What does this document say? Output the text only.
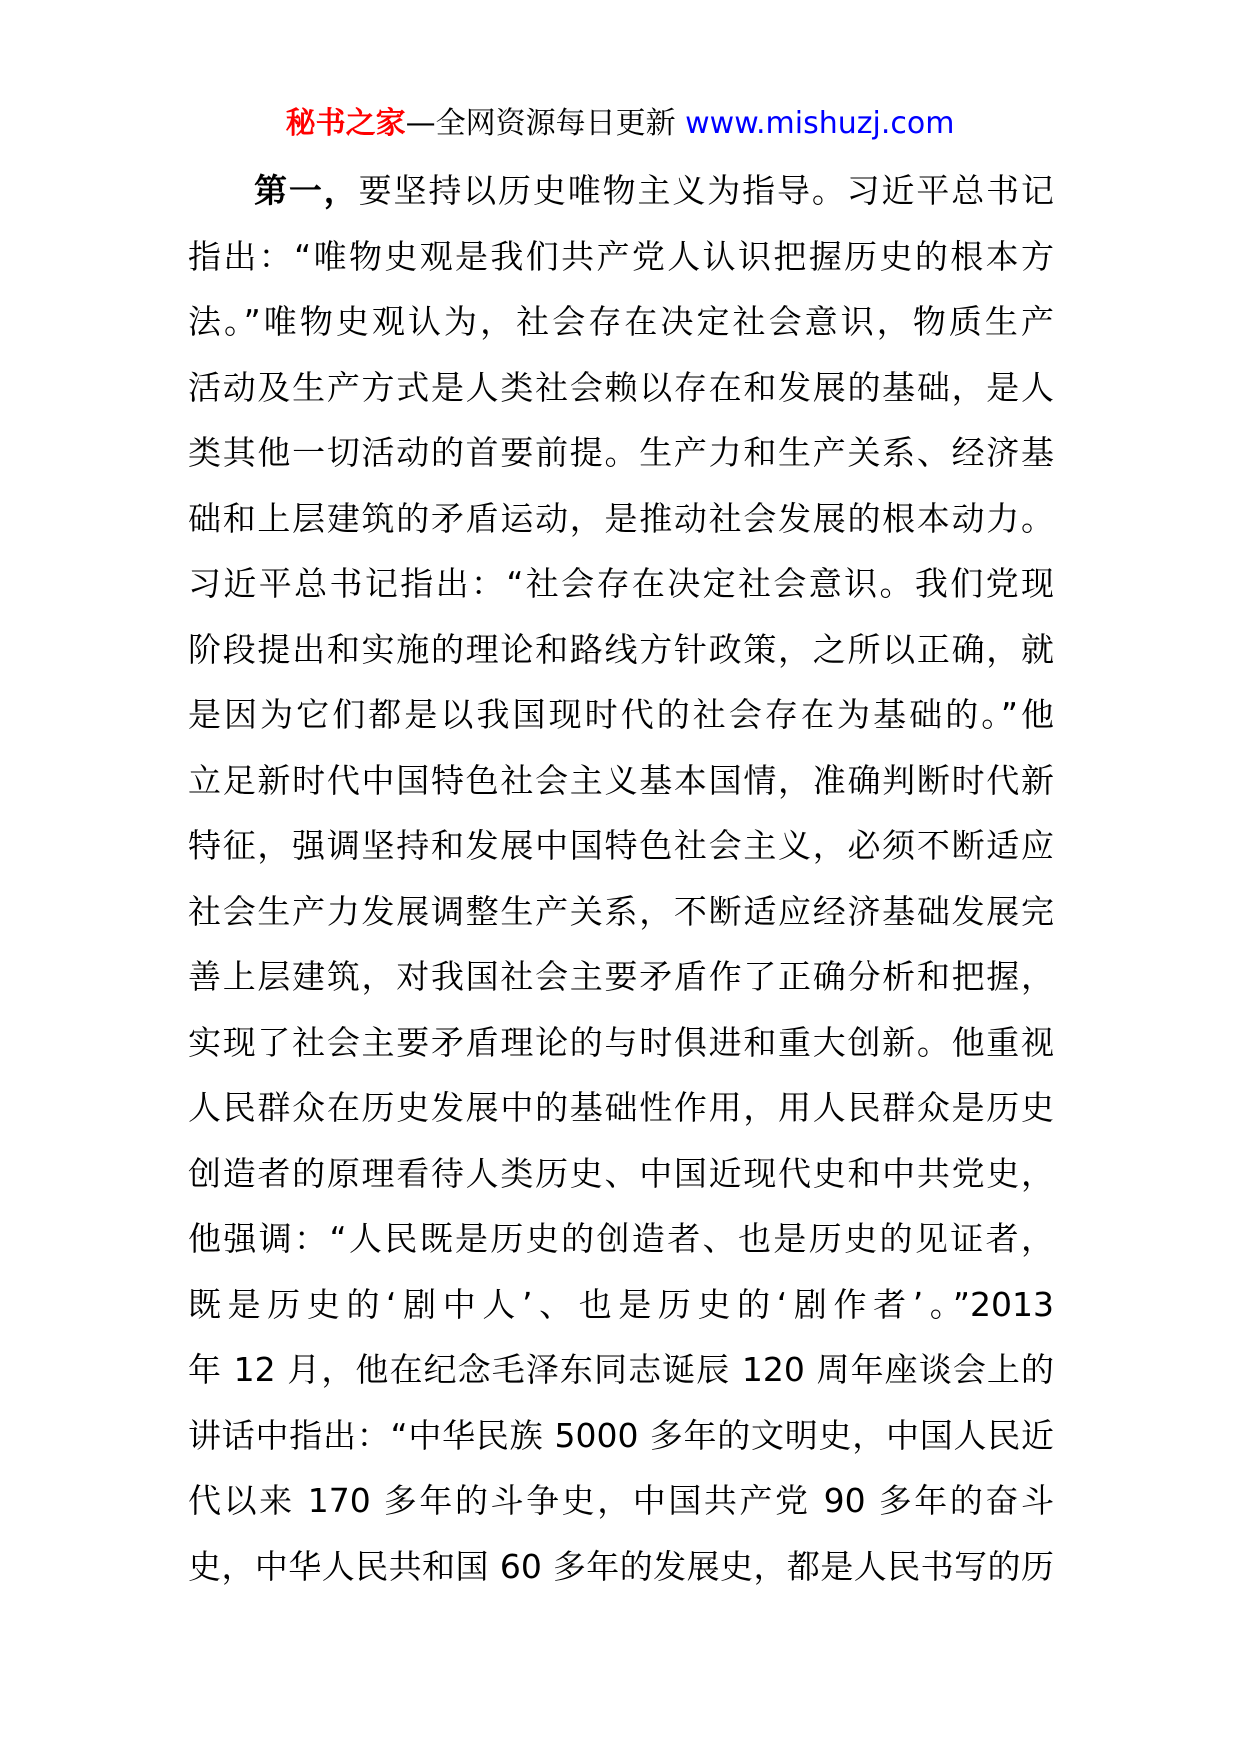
秘书之家—全网资源每日更新 www.mishuzj.com
第一，要坚持以历史唯物主义为指导。习近平总书记
指出：“唯物史观是我们共产党人认识把握历史的根本方
法。”唯物史观认为，社会存在决定社会意识，物质生产
活动及生产方式是人类社会赖以存在和发展的基础，是人
类其他一切活动的首要前提。生产力和生产关系、经济基
础和上层建筑的矛盾运动，是推动社会发展的根本动力。
习近平总书记指出：“社会存在决定社会意识。我们党现
阶段提出和实施的理论和路线方针政策，之所以正确，就
是因为它们都是以我国现时代的社会存在为基础的。”他
立足新时代中国特色社会主义基本国情，准确判断时代新
特征，强调坚持和发展中国特色社会主义，必须不断适应
社会生产力发展调整生产关系，不断适应经济基础发展完
善上层建筑，对我国社会主要矛盾作了正确分析和把握，
实现了社会主要矛盾理论的与时俱进和重大创新。他重视
人民群众在历史发展中的基础性作用，用人民群众是历史
创造者的原理看待人类历史、中国近现代史和中共党史，
他强调：“人民既是历史的创造者、也是历史的见证者，
既是历史的‘剧中人’、也是历史的‘剧作者’。”2013
年 12 月，他在纪念毛泽东同志诞辰 120 周年座谈会上的
讲话中指出：“中华民族 5000 多年的文明史，中国人民近
代以来 170 多年的斗争史，中国共产党 90 多年的奋斗
史，中华人民共和国 60 多年的发展史，都是人民书写的历
